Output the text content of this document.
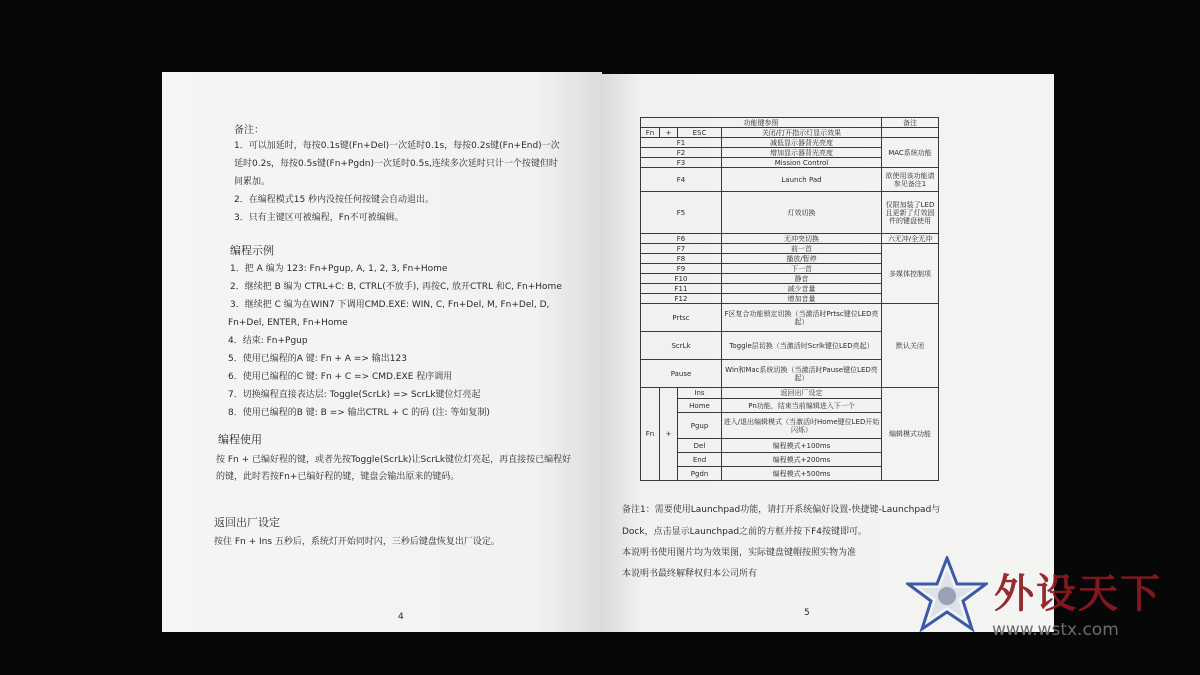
备注：
1．可以加延时，每按0.1s键(Fn+Del)一次延时0.1s，每按0.2s键(Fn+End)一次
延时0.2s，每按0.5s键(Fn+Pgdn)一次延时0.5s,连续多次延时只计一个按键但时
间累加。
2．在编程模式15 秒内没按任何按键会自动退出。
3．只有主键区可被编程，Fn不可被编辑。
编程示例
1．把 A 编为 123: Fn+Pgup, A, 1, 2, 3, Fn+Home
2．继续把 B 编为 CTRL+C: B, CTRL(不放手), 再按C, 放开CTRL 和C, Fn+Home
3．继续把 C 编为在WIN7 下调用CMD.EXE: WIN, C, Fn+Del, M, Fn+Del, D,
Fn+Del, ENTER, Fn+Home
4．结束: Fn+Pgup
5．使用已编程的A 键: Fn + A => 输出123
6．使用已编程的C 键: Fn + C => CMD.EXE 程序调用
7．切换编程直接表达层: Toggle(ScrLk) => ScrLk键位灯亮起
8．使用已编程的B 键: B => 输出CTRL + C 的码 (注: 等如复制)
编程使用
按 Fn + 已编好程的键，或者先按Toggle(ScrLk)让ScrLk键位灯亮起，再直接按已编程好的键，此时若按Fn+已编好程的键，键盘会输出原来的键码。
返回出厂设定
按住 Fn + Ins 五秒后，系统灯开始同时闪，三秒后键盘恢复出厂设定。
4
功能键参照				备注
Fn	+	ESC	关闭/打开指示灯显示效果	
F1			减低显示器背光亮度	MAC系统功能
F2			增加显示器背光亮度	
F3			Mission Control	
F4			Launch Pad	欲使用该功能请参见备注1
F5			灯效切换	仅限加装了LED且更新了灯效固件的键盘使用
F6			无冲突切换	六无冲/全无冲
F7			前一首	多媒体控制项
F8			播放/暂停	
F9			下一首	
F10			静音	
F11			减少音量	
F12			增加音量	
Prtsc			F区复合功能锁定切换（当激活时Prtsc键位LED亮起）	默认关闭
ScrLk			Toggle层切换（当激活时Scrlk键位LED亮起）	
Pause			Win和Mac系统切换（当激活时Pause键位LED亮起）	
Fn	+	Ins	返回出厂设定	编辑模式功能
		Home	Pn功能，结束当前编辑进入下一个	
		Pgup	进入/退出编辑模式（当激活时Home键位LED开始闪烁）	
		Del	编程模式+100ms	
		End	编程模式+200ms	
		Pgdn	编程模式+500ms	
备注1：需要使用Launchpad功能，请打开系统偏好设置-快捷键-Launchpad与
Dock，点击显示Launchpad之前的方框并按下F4按键即可。
本说明书使用图片均为效果图，实际键盘键帽按照实物为准
本说明书最终解释权归本公司所有
5	外设天下
www.wstx.com
